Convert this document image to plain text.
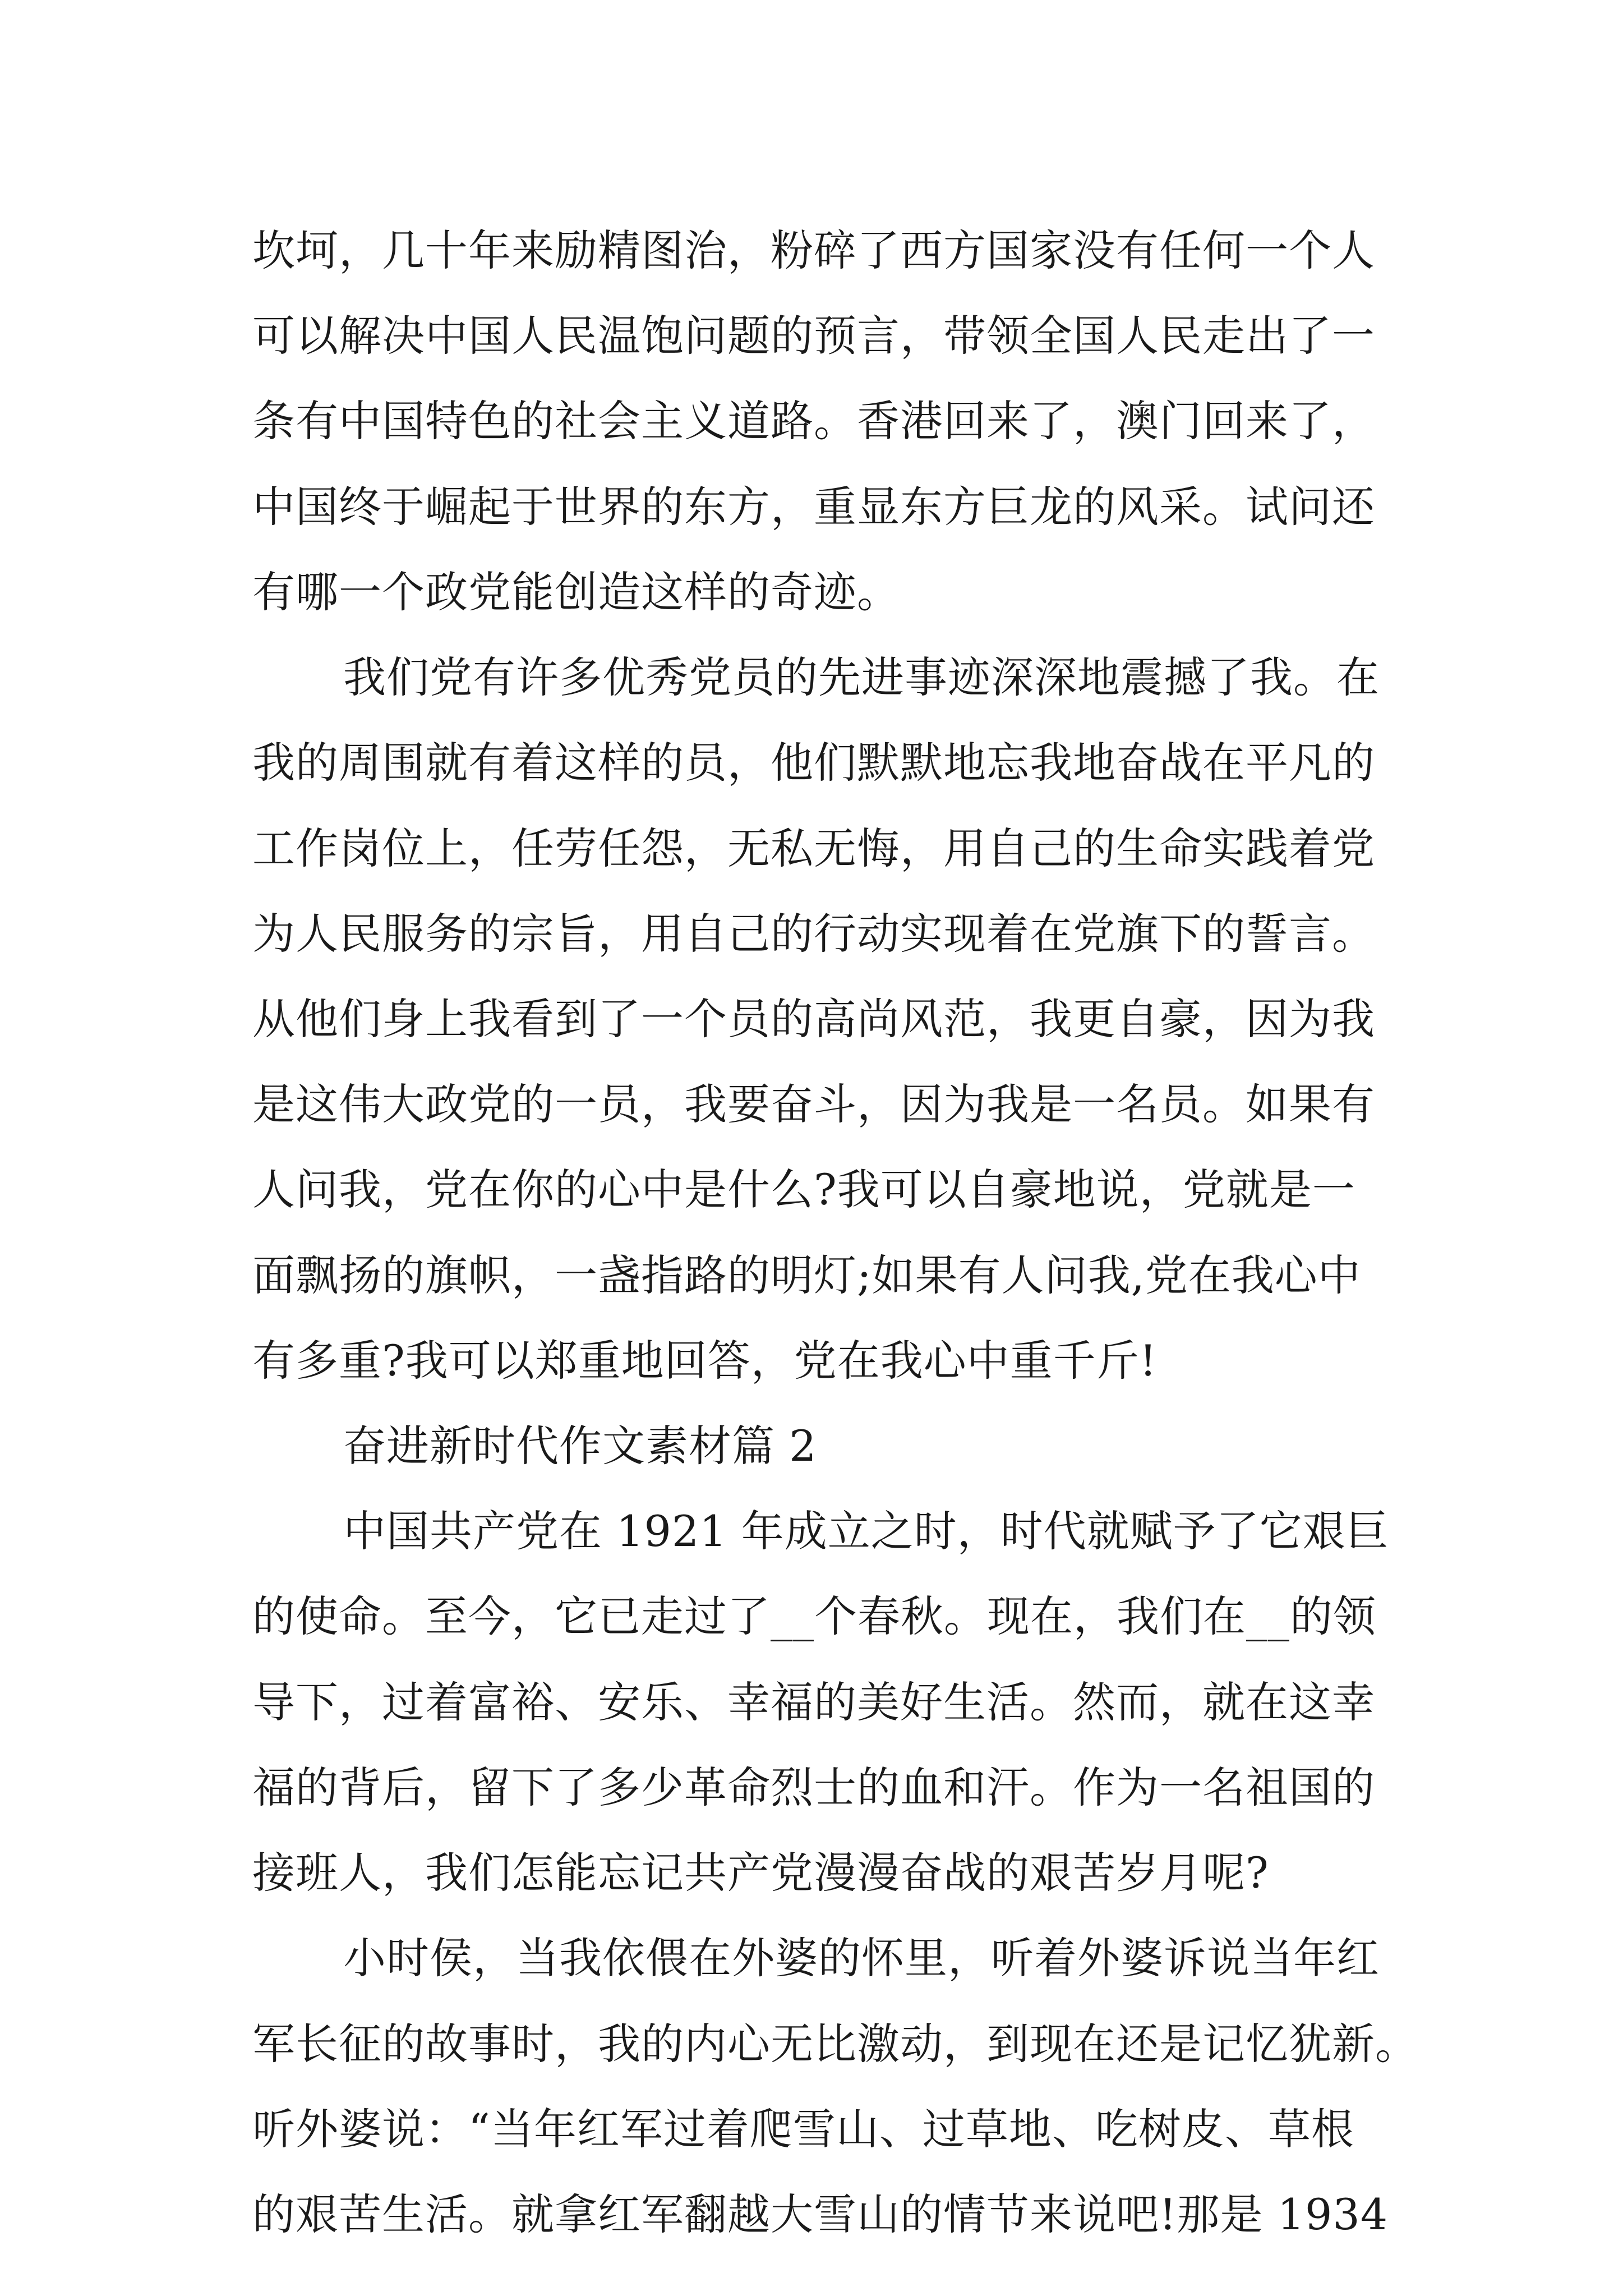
坎坷，几十年来励精图治，粉碎了西方国家没有任何一个人
可以解决中国人民温饱问题的预言，带领全国人民走出了一
条有中国特色的社会主义道路。香港回来了，澳门回来了，
中国终于崛起于世界的东方，重显东方巨龙的风采。试问还
有哪一个政党能创造这样的奇迹。
我们党有许多优秀党员的先进事迹深深地震撼了我。在
我的周围就有着这样的员，他们默默地忘我地奋战在平凡的
工作岗位上，任劳任怨，无私无悔，用自己的生命实践着党
为人民服务的宗旨，用自己的行动实现着在党旗下的誓言。
从他们身上我看到了一个员的高尚风范，我更自豪，因为我
是这伟大政党的一员，我要奋斗，因为我是一名员。如果有
人问我，党在你的心中是什么?我可以自豪地说，党就是一
面飘扬的旗帜，一盏指路的明灯;如果有人问我,党在我心中
有多重?我可以郑重地回答，党在我心中重千斤!
奋进新时代作文素材篇 2
中国共产党在 1921 年成立之时，时代就赋予了它艰巨
的使命。至今，它已走过了__个春秋。现在，我们在__的领
导下，过着富裕、安乐、幸福的美好生活。然而，就在这幸
福的背后，留下了多少革命烈士的血和汗。作为一名祖国的
接班人，我们怎能忘记共产党漫漫奋战的艰苦岁月呢?
小时侯，当我依偎在外婆的怀里，听着外婆诉说当年红
军长征的故事时，我的内心无比激动，到现在还是记忆犹新。
听外婆说：“当年红军过着爬雪山、过草地、吃树皮、草根
的艰苦生活。就拿红军翻越大雪山的情节来说吧!那是 1934
